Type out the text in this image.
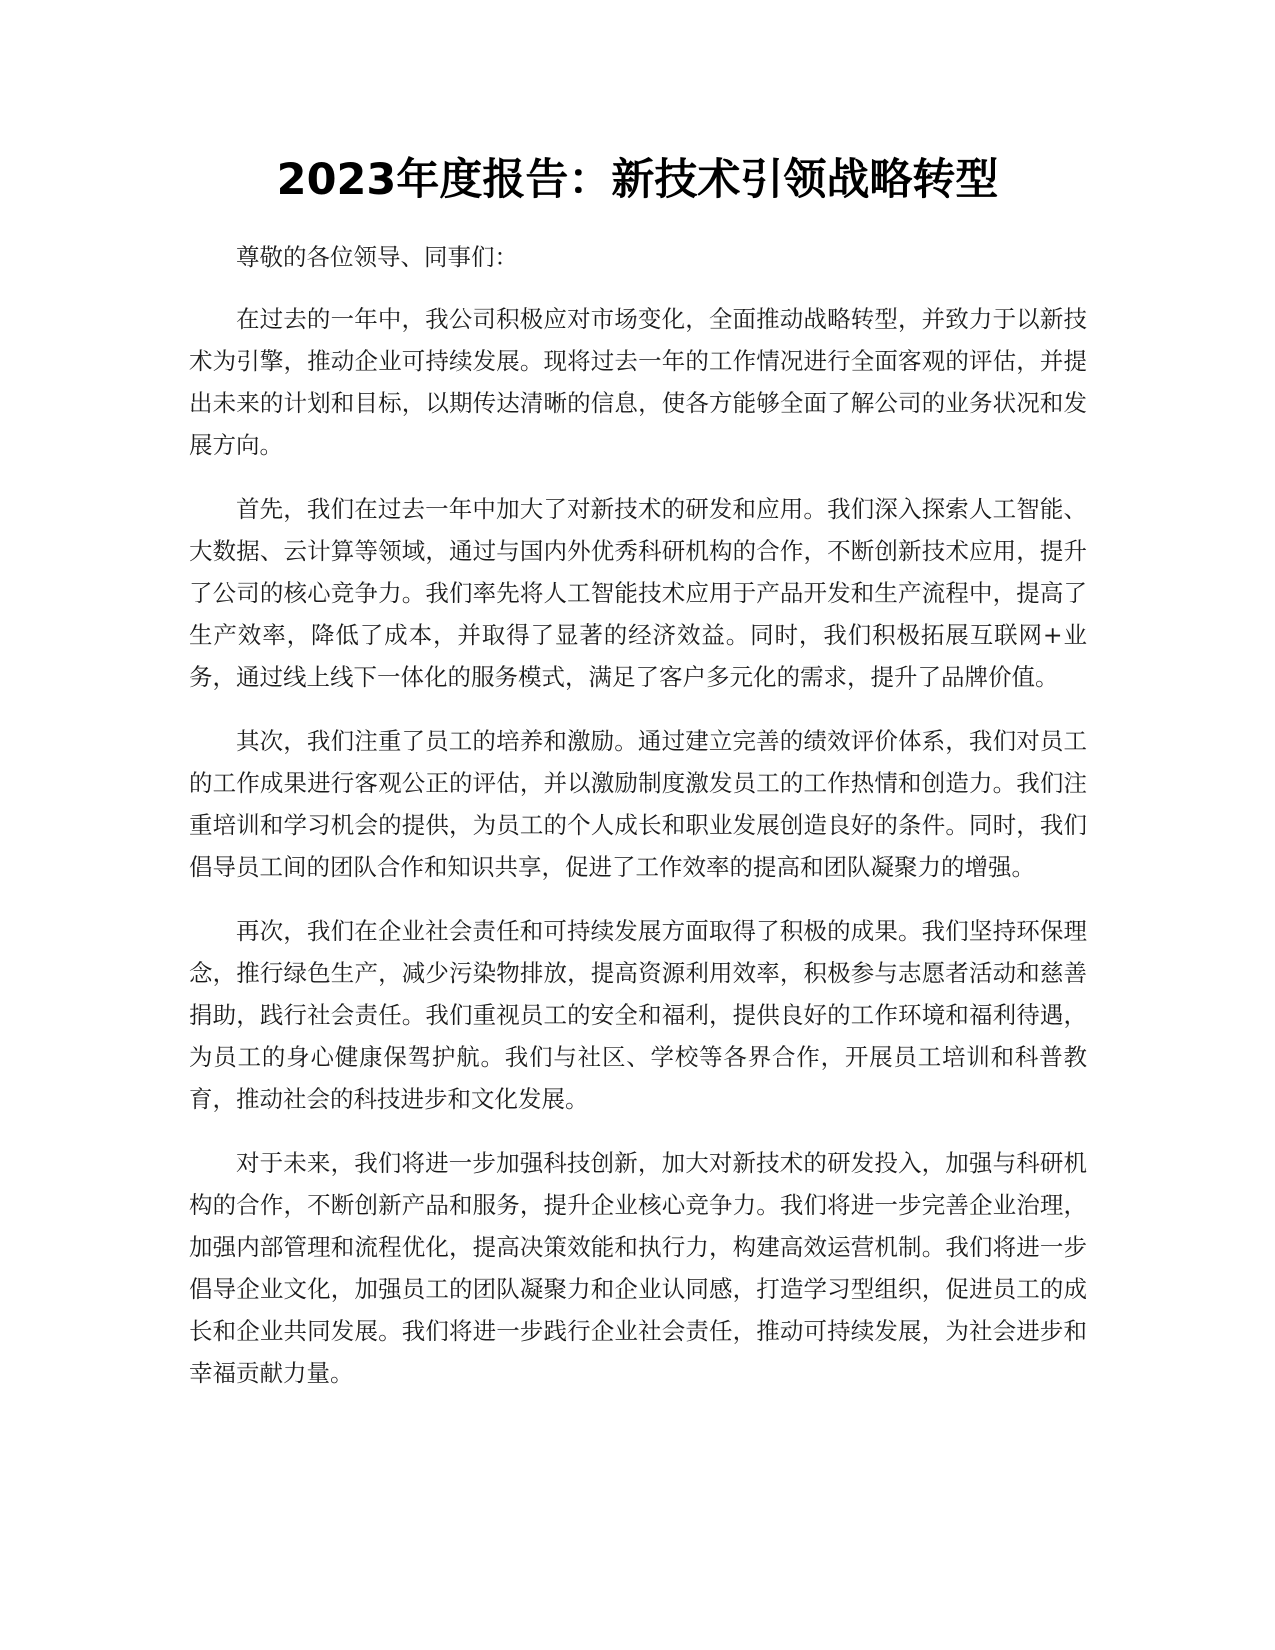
2023年度报告：新技术引领战略转型

尊敬的各位领导、同事们：

在过去的一年中，我公司积极应对市场变化，全面推动战略转型，并致力于以新技术为引擎，推动企业可持续发展。现将过去一年的工作情况进行全面客观的评估，并提出未来的计划和目标，以期传达清晰的信息，使各方能够全面了解公司的业务状况和发展方向。

首先，我们在过去一年中加大了对新技术的研发和应用。我们深入探索人工智能、大数据、云计算等领域，通过与国内外优秀科研机构的合作，不断创新技术应用，提升了公司的核心竞争力。我们率先将人工智能技术应用于产品开发和生产流程中，提高了生产效率，降低了成本，并取得了显著的经济效益。同时，我们积极拓展互联网+业务，通过线上线下一体化的服务模式，满足了客户多元化的需求，提升了品牌价值。

其次，我们注重了员工的培养和激励。通过建立完善的绩效评价体系，我们对员工的工作成果进行客观公正的评估，并以激励制度激发员工的工作热情和创造力。我们注重培训和学习机会的提供，为员工的个人成长和职业发展创造良好的条件。同时，我们倡导员工间的团队合作和知识共享，促进了工作效率的提高和团队凝聚力的增强。

再次，我们在企业社会责任和可持续发展方面取得了积极的成果。我们坚持环保理念，推行绿色生产，减少污染物排放，提高资源利用效率，积极参与志愿者活动和慈善捐助，践行社会责任。我们重视员工的安全和福利，提供良好的工作环境和福利待遇，为员工的身心健康保驾护航。我们与社区、学校等各界合作，开展员工培训和科普教育，推动社会的科技进步和文化发展。

对于未来，我们将进一步加强科技创新，加大对新技术的研发投入，加强与科研机构的合作，不断创新产品和服务，提升企业核心竞争力。我们将进一步完善企业治理，加强内部管理和流程优化，提高决策效能和执行力，构建高效运营机制。我们将进一步倡导企业文化，加强员工的团队凝聚力和企业认同感，打造学习型组织，促进员工的成长和企业共同发展。我们将进一步践行企业社会责任，推动可持续发展，为社会进步和幸福贡献力量。
